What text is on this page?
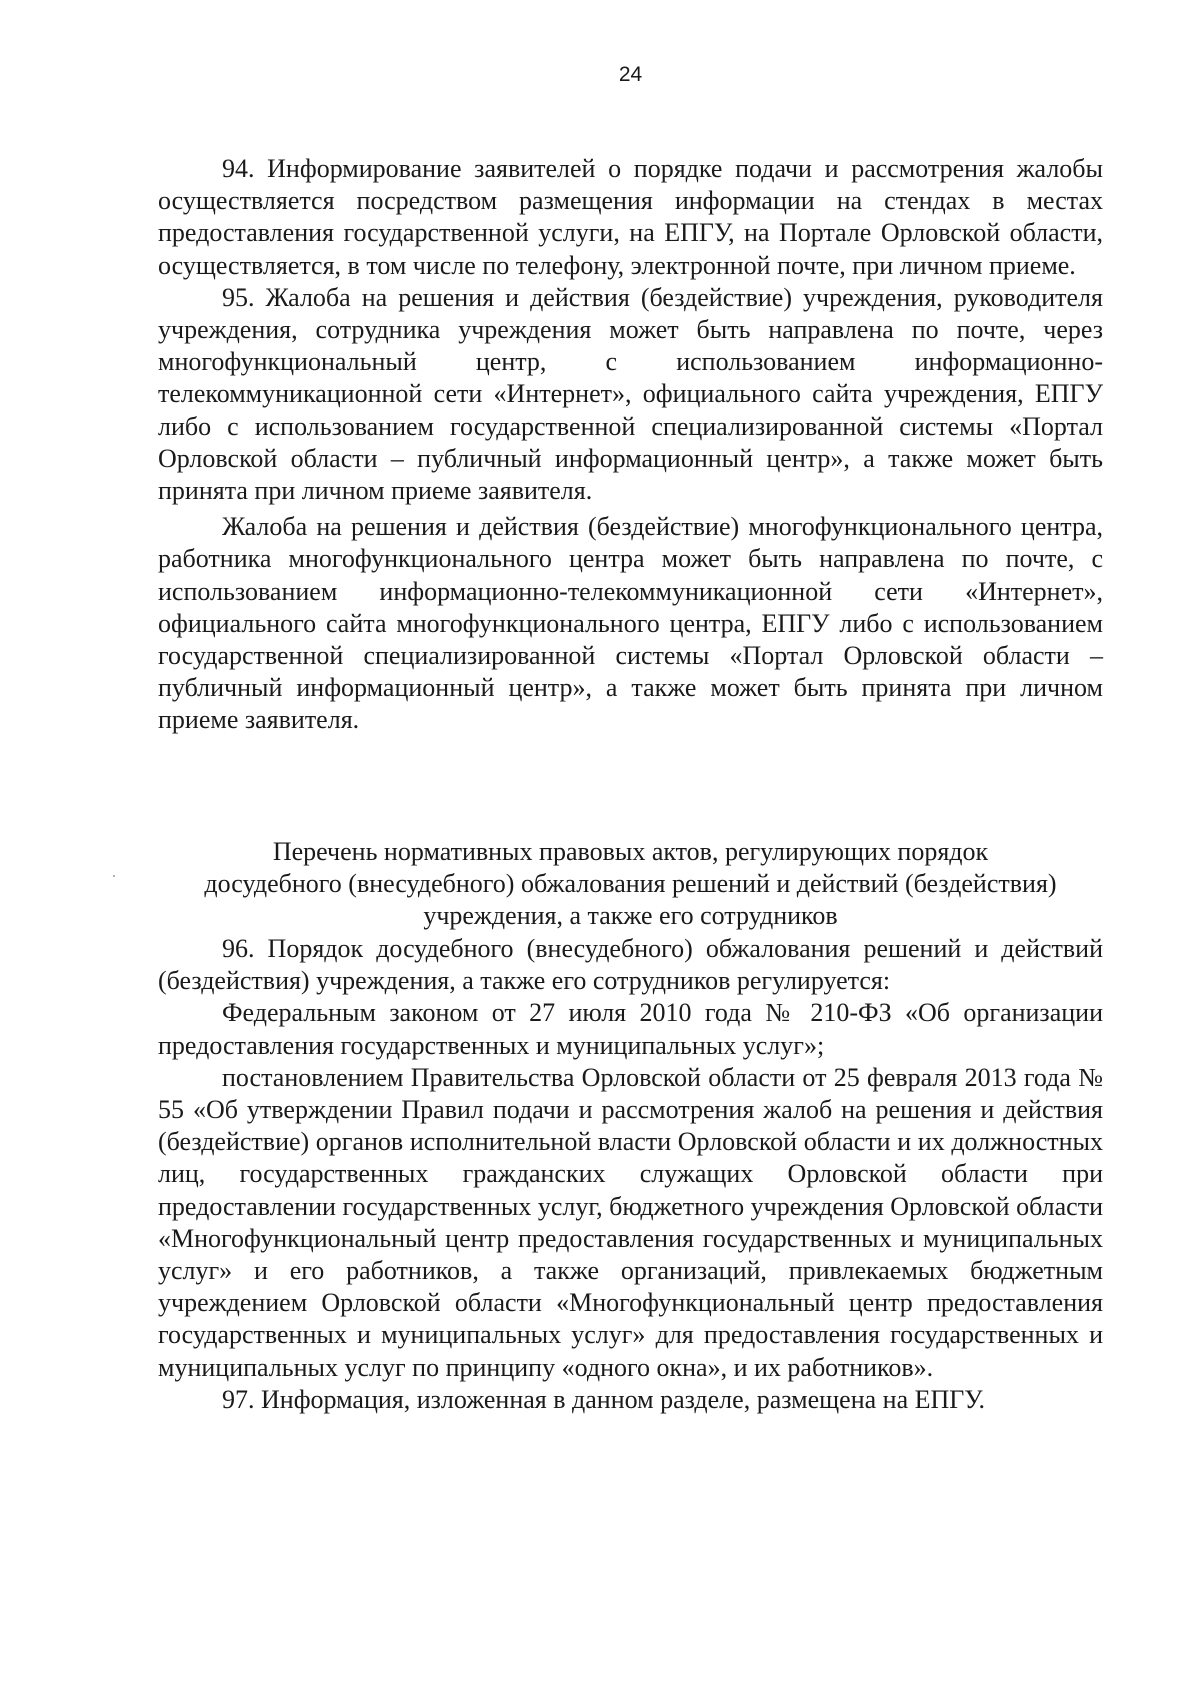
24

94. Информирование заявителей о порядке подачи и рассмотрения жалобы осуществляется посредством размещения информации на стендах в местах предоставления государственной услуги, на ЕПГУ, на Портале Орловской области, осуществляется, в том числе по телефону, электронной почте, при личном приеме.

95. Жалоба на решения и действия (бездействие) учреждения, руководителя учреждения, сотрудника учреждения может быть направлена по почте, через многофункциональный центр, с использованием информационно-телекоммуникационной сети «Интернет», официального сайта учреждения, ЕПГУ либо с использованием государственной специализированной системы «Портал Орловской области – публичный информационный центр», а также может быть принята при личном приеме заявителя.

Жалоба на решения и действия (бездействие) многофункционального центра, работника многофункционального центра может быть направлена по почте, с использованием информационно-телекоммуникационной сети «Интернет», официального сайта многофункционального центра, ЕПГУ либо с использованием государственной специализированной системы «Портал Орловской области – публичный информационный центр», а также может быть принята при личном приеме заявителя.

Перечень нормативных правовых актов, регулирующих порядок
досудебного (внесудебного) обжалования решений и действий (бездействия)
учреждения, а также его сотрудников

96. Порядок досудебного (внесудебного) обжалования решений и действий (бездействия) учреждения, а также его сотрудников регулируется:

Федеральным законом от 27 июля 2010 года № 210-ФЗ «Об организации предоставления государственных и муниципальных услуг»;

постановлением Правительства Орловской области от 25 февраля 2013 года № 55 «Об утверждении Правил подачи и рассмотрения жалоб на решения и действия (бездействие) органов исполнительной власти Орловской области и их должностных лиц, государственных гражданских служащих Орловской области при предоставлении государственных услуг, бюджетного учреждения Орловской области «Многофункциональный центр предоставления государственных и муниципальных услуг» и его работников, а также организаций, привлекаемых бюджетным учреждением Орловской области «Многофункциональный центр предоставления государственных и муниципальных услуг» для предоставления государственных и муниципальных услуг по принципу «одного окна», и их работников».

97. Информация, изложенная в данном разделе, размещена на ЕПГУ.
